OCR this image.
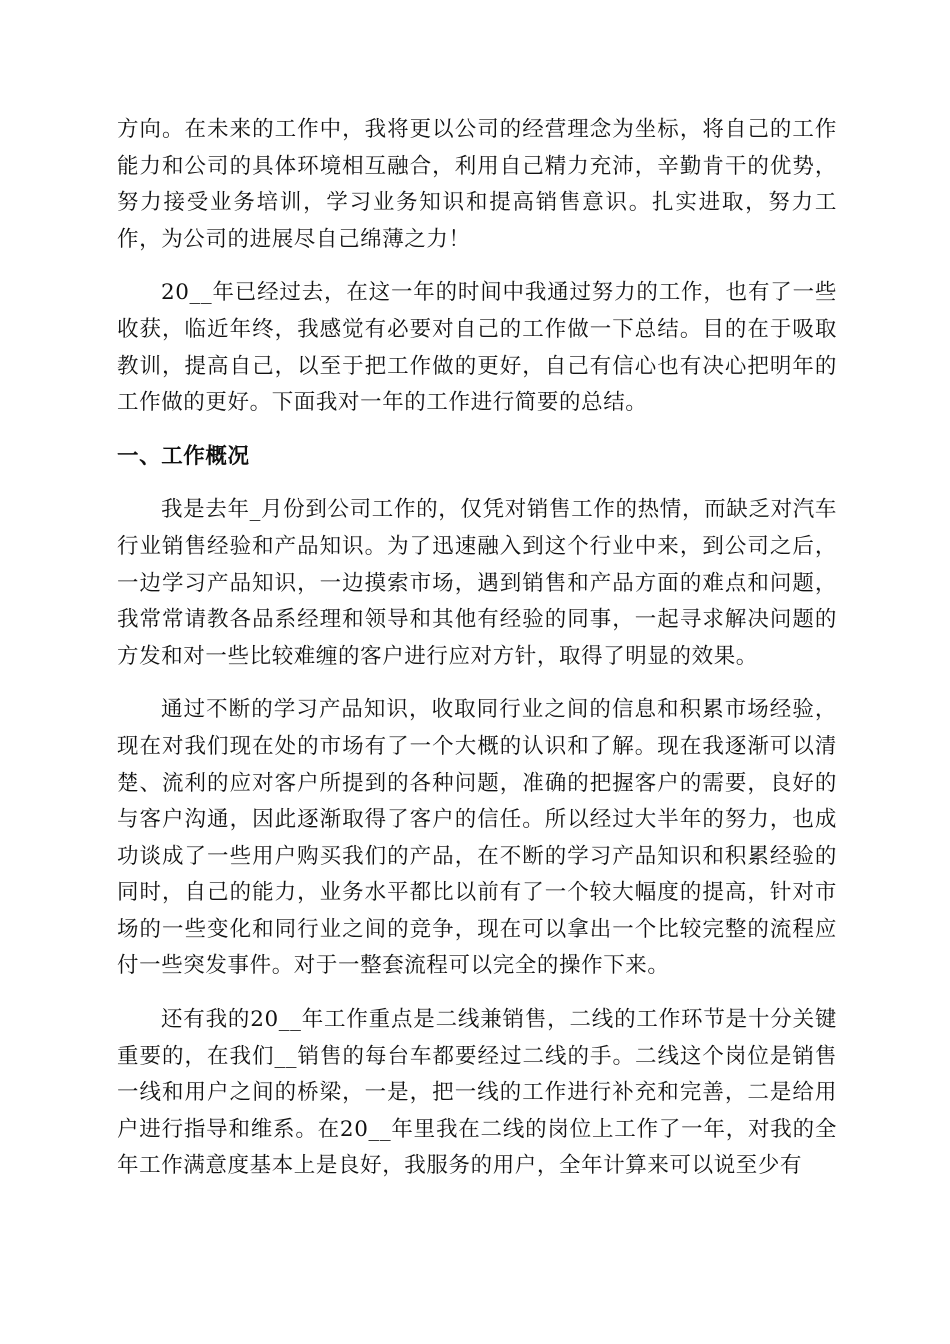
方向。在未来的工作中，我将更以公司的经营理念为坐标，将自己的工作能力和公司的具体环境相互融合，利用自己精力充沛，辛勤肯干的优势，努力接受业务培训，学习业务知识和提高销售意识。扎实进取，努力工作，为公司的进展尽自己绵薄之力！

20__年已经过去，在这一年的时间中我通过努力的工作，也有了一些收获，临近年终，我感觉有必要对自己的工作做一下总结。目的在于吸取教训，提高自己，以至于把工作做的更好，自己有信心也有决心把明年的工作做的更好。下面我对一年的工作进行简要的总结。

一、工作概况

我是去年_月份到公司工作的，仅凭对销售工作的热情，而缺乏对汽车行业销售经验和产品知识。为了迅速融入到这个行业中来，到公司之后，一边学习产品知识，一边摸索市场，遇到销售和产品方面的难点和问题，我常常请教各品系经理和领导和其他有经验的同事，一起寻求解决问题的方发和对一些比较难缠的客户进行应对方针，取得了明显的效果。

通过不断的学习产品知识，收取同行业之间的信息和积累市场经验，现在对我们现在处的市场有了一个大概的认识和了解。现在我逐渐可以清楚、流利的应对客户所提到的各种问题，准确的把握客户的需要，良好的与客户沟通，因此逐渐取得了客户的信任。所以经过大半年的努力，也成功谈成了一些用户购买我们的产品，在不断的学习产品知识和积累经验的同时，自己的能力，业务水平都比以前有了一个较大幅度的提高，针对市场的一些变化和同行业之间的竞争，现在可以拿出一个比较完整的流程应付一些突发事件。对于一整套流程可以完全的操作下来。

还有我的20__年工作重点是二线兼销售，二线的工作环节是十分关键重要的，在我们__销售的每台车都要经过二线的手。二线这个岗位是销售一线和用户之间的桥梁，一是，把一线的工作进行补充和完善，二是给用户进行指导和维系。在20__年里我在二线的岗位上工作了一年，对我的全年工作满意度基本上是良好，我服务的用户，全年计算来可以说至少有
